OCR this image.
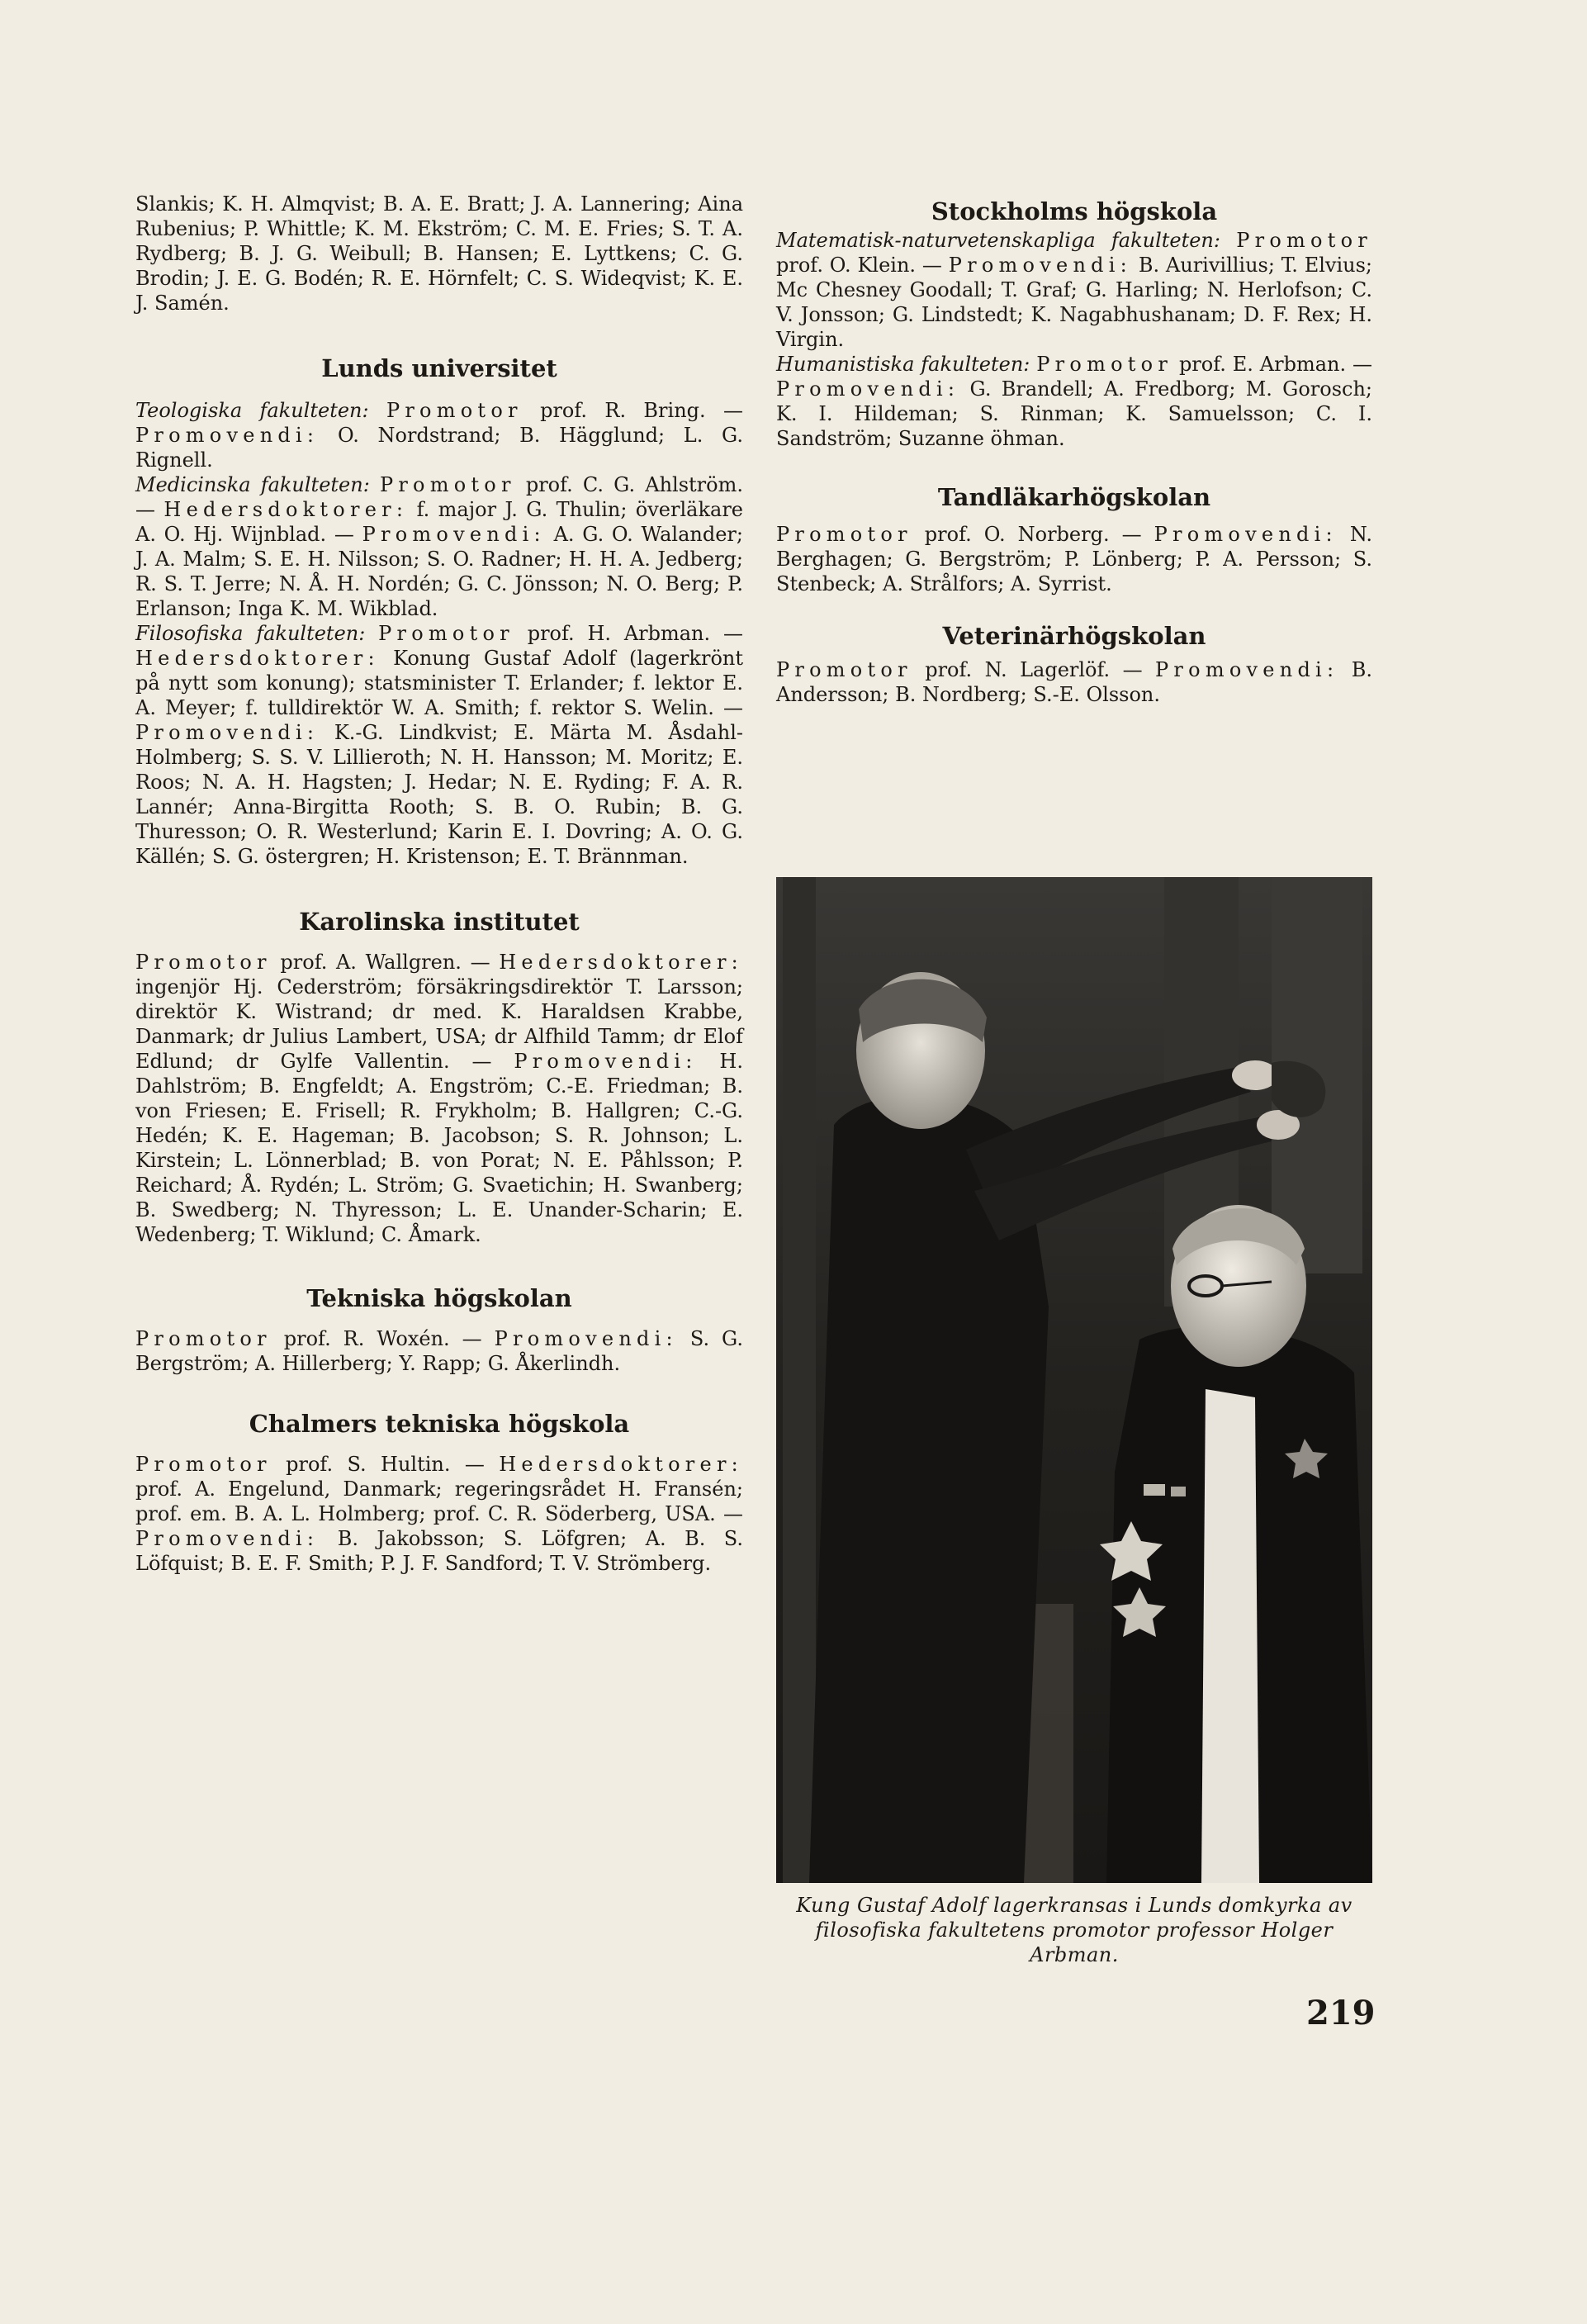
Slankis; K. H. Almqvist; B. A. E. Bratt; J. A. Lannering; Aina Rubenius; P. Whittle; K. M. Ekström; C. M. E. Fries; S. T. A. Rydberg; B. J. G. Weibull; B. Hansen; E. Lyttkens; C. G. Brodin; J. E. G. Bodén; R. E. Hörnfelt; C. S. Wideqvist; K. E. J. Samén.

Lunds universitet

Teologiska fakulteten: Promotor prof. R. Bring. — Promovendi: O. Nordstrand; B. Hägglund; L. G. Rignell.

Medicinska fakulteten: Promotor prof. C. G. Ahlström. — Hedersdoktorer: f. major J. G. Thulin; överläkare A. O. Hj. Wijnblad. — Promovendi: A. G. O. Walander; J. A. Malm; S. E. H. Nilsson; S. O. Radner; H. H. A. Jedberg; R. S. T. Jerre; N. Å. H. Nordén; G. C. Jönsson; N. O. Berg; P. Erlanson; Inga K. M. Wikblad.

Filosofiska fakulteten: Promotor prof. H. Arbman. — Hedersdoktorer: Konung Gustaf Adolf (lagerkrönt på nytt som konung); statsminister T. Erlander; f. lektor E. A. Meyer; f. tulldirektör W. A. Smith; f. rektor S. Welin. — Promovendi: K.-G. Lindkvist; E. Märta M. Åsdahl-Holmberg; S. S. V. Lillieroth; N. H. Hansson; M. Moritz; E. Roos; N. A. H. Hagsten; J. Hedar; N. E. Ryding; F. A. R. Lannér; Anna-Birgitta Rooth; S. B. O. Rubin; B. G. Thuresson; O. R. Westerlund; Karin E. I. Dovring; A. O. G. Källén; S. G. östergren; H. Kristenson; E. T. Brännman.

Karolinska institutet

Promotor prof. A. Wallgren. — Hedersdoktorer: ingenjör Hj. Cederström; försäkringsdirektör T. Larsson; direktör K. Wistrand; dr med. K. Haraldsen Krabbe, Danmark; dr Julius Lambert, USA; dr Alfhild Tamm; dr Elof Edlund; dr Gylfe Vallentin. — Promovendi: H. Dahlström; B. Engfeldt; A. Engström; C.-E. Friedman; B. von Friesen; E. Frisell; R. Frykholm; B. Hallgren; C.-G. Hedén; K. E. Hageman; B. Jacobson; S. R. Johnson; L. Kirstein; L. Lönnerblad; B. von Porat; N. E. Påhlsson; P. Reichard; Å. Rydén; L. Ström; G. Svaetichin; H. Swanberg; B. Swedberg; N. Thyresson; L. E. Unander-Scharin; E. Wedenberg; T. Wiklund; C. Åmark.

Tekniska högskolan

Promotor prof. R. Woxén. — Promovendi: S. G. Bergström; A. Hillerberg; Y. Rapp; G. Åkerlindh.

Chalmers tekniska högskola

Promotor prof. S. Hultin. — Hedersdoktorer: prof. A. Engelund, Danmark; regeringsrådet H. Fransén; prof. em. B. A. L. Holmberg; prof. C. R. Söderberg, USA. — Promovendi: B. Jakobsson; S. Löfgren; A. B. S. Löfquist; B. E. F. Smith; P. J. F. Sandford; T. V. Strömberg.

Stockholms högskola

Matematisk-naturvetenskapliga fakulteten: Promotor prof. O. Klein. — Promovendi: B. Aurivillius; T. Elvius; Mc Chesney Goodall; T. Graf; G. Harling; N. Herlofson; C. V. Jonsson; G. Lindstedt; K. Nagabhushanam; D. F. Rex; H. Virgin.

Humanistiska fakulteten: Promotor prof. E. Arbman. — Promovendi: G. Brandell; A. Fredborg; M. Gorosch; K. I. Hildeman; S. Rinman; K. Samuelsson; C. I. Sandström; Suzanne öhman.

Tandläkarhögskolan

Promotor prof. O. Norberg. — Promovendi: N. Berghagen; G. Bergström; P. Lönberg; P. A. Persson; S. Stenbeck; A. Strålfors; A. Syrrist.

Veterinärhögskolan

Promotor prof. N. Lagerlöf. — Promovendi: B. Andersson; B. Nordberg; S.-E. Olsson.

Kung Gustaf Adolf lagerkransas i Lunds domkyrka av filosofiska fakultetens promotor professor Holger Arbman.
219
